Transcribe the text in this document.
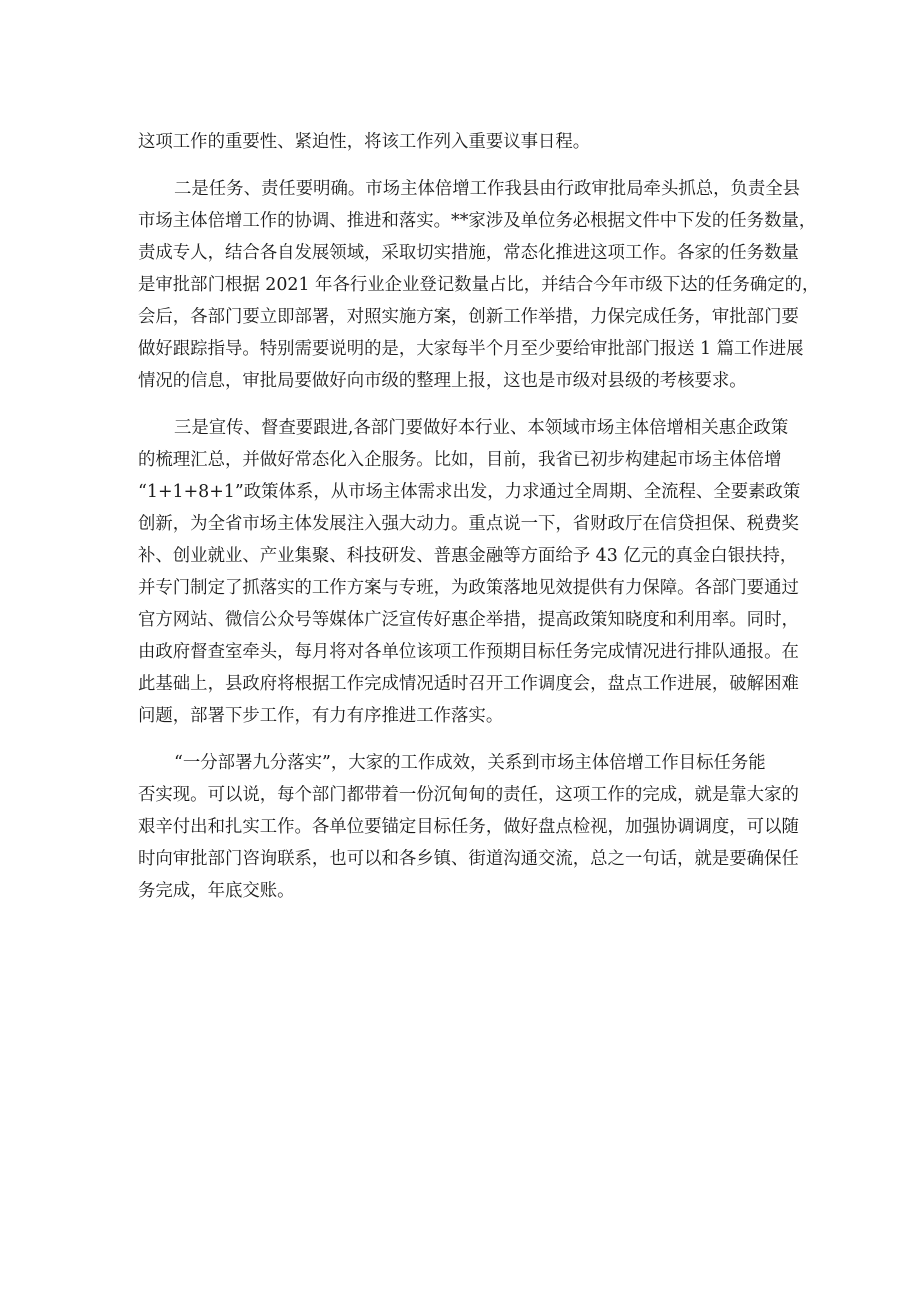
这项工作的重要性、紧迫性，将该工作列入重要议事日程。

二是任务、责任要明确。市场主体倍增工作我县由行政审批局牵头抓总，负责全县
市场主体倍增工作的协调、推进和落实。**家涉及单位务必根据文件中下发的任务数量，
责成专人，结合各自发展领域，采取切实措施，常态化推进这项工作。各家的任务数量
是审批部门根据 2021 年各行业企业登记数量占比，并结合今年市级下达的任务确定的，
会后，各部门要立即部署，对照实施方案，创新工作举措，力保完成任务，审批部门要
做好跟踪指导。特别需要说明的是，大家每半个月至少要给审批部门报送 1 篇工作进展
情况的信息，审批局要做好向市级的整理上报，这也是市级对县级的考核要求。

三是宣传、督查要跟进,各部门要做好本行业、本领域市场主体倍增相关惠企政策
的梳理汇总，并做好常态化入企服务。比如，目前，我省已初步构建起市场主体倍增
“1+1+8+1”政策体系，从市场主体需求出发，力求通过全周期、全流程、全要素政策
创新，为全省市场主体发展注入强大动力。重点说一下，省财政厅在信贷担保、税费奖
补、创业就业、产业集聚、科技研发、普惠金融等方面给予 43 亿元的真金白银扶持，
并专门制定了抓落实的工作方案与专班，为政策落地见效提供有力保障。各部门要通过
官方网站、微信公众号等媒体广泛宣传好惠企举措，提高政策知晓度和利用率。同时，
由政府督查室牵头，每月将对各单位该项工作预期目标任务完成情况进行排队通报。在
此基础上，县政府将根据工作完成情况适时召开工作调度会，盘点工作进展，破解困难
问题，部署下步工作，有力有序推进工作落实。

“一分部署九分落实”，大家的工作成效，关系到市场主体倍增工作目标任务能
否实现。可以说，每个部门都带着一份沉甸甸的责任，这项工作的完成，就是靠大家的
艰辛付出和扎实工作。各单位要锚定目标任务，做好盘点检视，加强协调调度，可以随
时向审批部门咨询联系，也可以和各乡镇、街道沟通交流，总之一句话，就是要确保任
务完成，年底交账。
